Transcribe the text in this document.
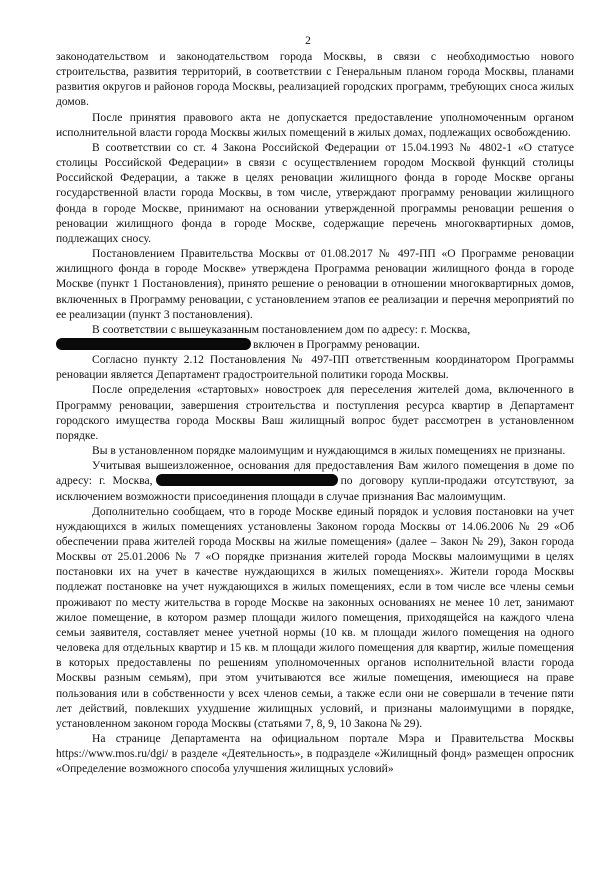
2

законодательством и законодательством города Москвы, в связи с необходимостью нового строительства, развития территорий, в соответствии с Генеральным планом города Москвы, планами развития округов и районов города Москвы, реализацией городских программ, требующих сноса жилых домов.

После принятия правового акта не допускается предоставление уполномоченным органом исполнительной власти города Москвы жилых помещений в жилых домах, подлежащих освобождению.

В соответствии со ст. 4 Закона Российской Федерации от 15.04.1993 № 4802-1 «О статусе столицы Российской Федерации» в связи с осуществлением городом Москвой функций столицы Российской Федерации, а также в целях реновации жилищного фонда в городе Москве органы государственной власти города Москвы, в том числе, утверждают программу реновации жилищного фонда в городе Москве, принимают на основании утвержденной программы реновации решения о реновации жилищного фонда в городе Москве, содержащие перечень многоквартирных домов, подлежащих сносу.

Постановлением Правительства Москвы от 01.08.2017 № 497-ПП «О Программе реновации жилищного фонда в городе Москве» утверждена Программа реновации жилищного фонда в городе Москве (пункт 1 Постановления), принято решение о реновации в отношении многоквартирных домов, включенных в Программу реновации, с установлением этапов ее реализации и перечня мероприятий по ее реализации (пункт 3 постановления).

В соответствии с вышеуказанным постановлением дом по адресу: г. Москва,
включен в Программу реновации.

Согласно пункту 2.12 Постановления № 497-ПП ответственным координатором Программы реновации является Департамент градостроительной политики города Москвы.

После определения «стартовых» новостроек для переселения жителей дома, включенного в Программу реновации, завершения строительства и поступления ресурса квартир в Департамент городского имущества города Москвы Ваш жилищный вопрос будет рассмотрен в установленном порядке.

Вы в установленном порядке малоимущим и нуждающимся в жилых помещениях не признаны.

Учитывая вышеизложенное, основания для предоставления Вам жилого помещения в доме по адресу: г. Москва,	по договору купли-продажи отсутствуют, за исключением возможности присоединения площади в случае признания Вас малоимущим.

Дополнительно сообщаем, что в городе Москве единый порядок и условия постановки на учет нуждающихся в жилых помещениях установлены Законом города Москвы от 14.06.2006 № 29 «Об обеспечении права жителей города Москвы на жилые помещения» (далее – Закон № 29), Закон города Москвы от 25.01.2006 № 7 «О порядке признания жителей города Москвы малоимущими в целях постановки их на учет в качестве нуждающихся в жилых помещениях». Жители города Москвы подлежат постановке на учет нуждающихся в жилых помещениях, если в том числе все члены семьи проживают по месту жительства в городе Москве на законных основаниях не менее 10 лет, занимают жилое помещение, в котором размер площади жилого помещения, приходящейся на каждого члена семьи заявителя, составляет менее учетной нормы (10 кв. м площади жилого помещения на одного человека для отдельных квартир и 15 кв. м площади жилого помещения для квартир, жилые помещения в которых предоставлены по решениям уполномоченных органов исполнительной власти города Москвы разным семьям), при этом учитываются все жилые помещения, имеющиеся на праве пользования или в собственности у всех членов семьи, а также если они не совершали в течение пяти лет действий, повлекших ухудшение жилищных условий, и признаны малоимущими в порядке, установленном законом города Москвы (статьями 7, 8, 9, 10 Закона № 29).

На странице Департамента на официальном портале Мэра и Правительства Москвы https://www.mos.ru/dgi/ в разделе «Деятельность», в подразделе «Жилищный фонд» размещен опросник «Определение возможного способа улучшения жилищных условий»
